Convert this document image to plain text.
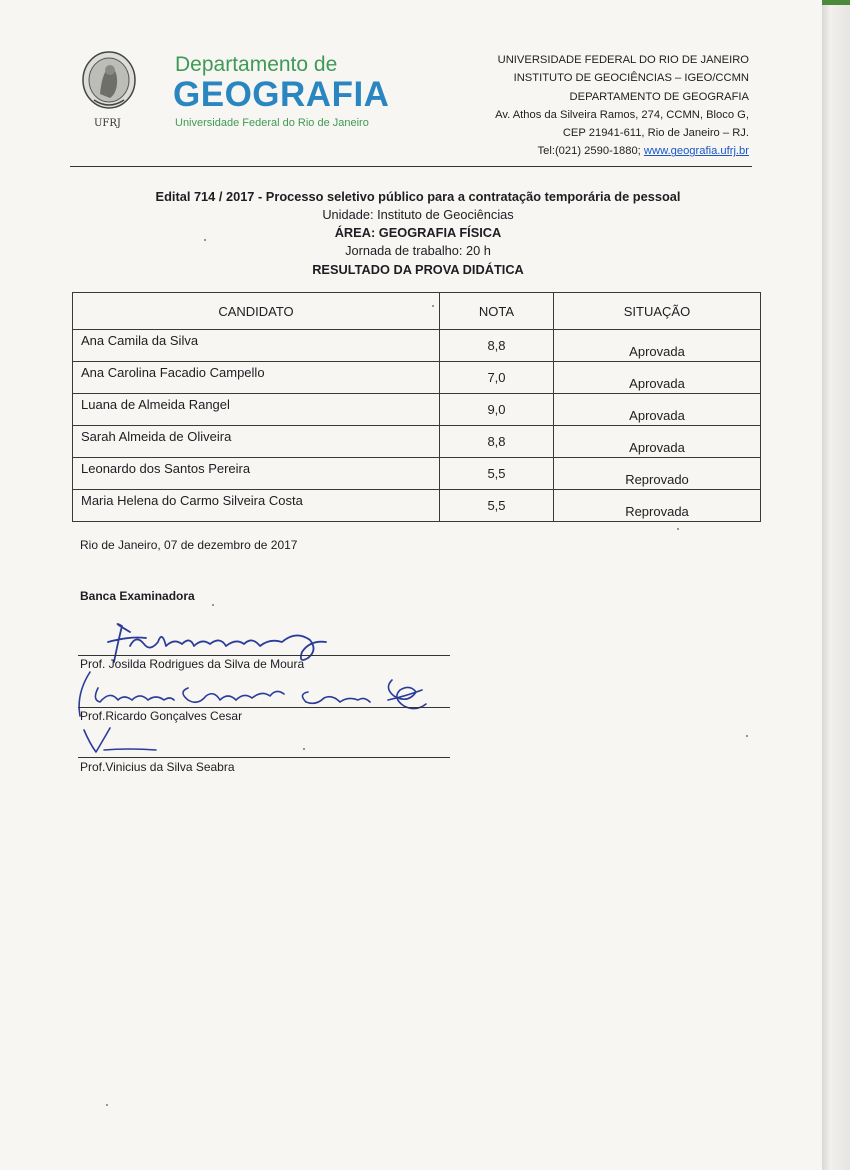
UFRJ
Departamento de
GEOGRAFIA
Universidade Federal do Rio de Janeiro
UNIVERSIDADE FEDERAL DO RIO DE JANEIRO
INSTITUTO DE GEOCIÊNCIAS – IGEO/CCMN
DEPARTAMENTO DE GEOGRAFIA
Av. Athos da Silveira Ramos, 274, CCMN, Bloco G,
CEP 21941-611, Rio de Janeiro – RJ.
Tel:(021) 2590-1880; www.geografia.ufrj.br
Edital 714 / 2017 - Processo seletivo público para a contratação temporária de pessoal
Unidade: Instituto de Geociências
ÁREA: GEOGRAFIA FÍSICA
Jornada de trabalho: 20 h
RESULTADO DA PROVA DIDÁTICA
CANDIDATO	NOTA	SITUAÇÃO
Ana Camila da Silva	8,8	Aprovada
Ana Carolina Facadio Campello	7,0	Aprovada
Luana de Almeida Rangel	9,0	Aprovada
Sarah Almeida de Oliveira	8,8	Aprovada
Leonardo dos Santos Pereira	5,5	Reprovado
Maria Helena do Carmo Silveira Costa	5,5	Reprovada
Rio de Janeiro, 07 de dezembro de 2017
Banca Examinadora
Prof. Josilda Rodrigues da Silva de Moura
Prof.Ricardo Gonçalves Cesar
Prof.Vinicius da Silva Seabra
